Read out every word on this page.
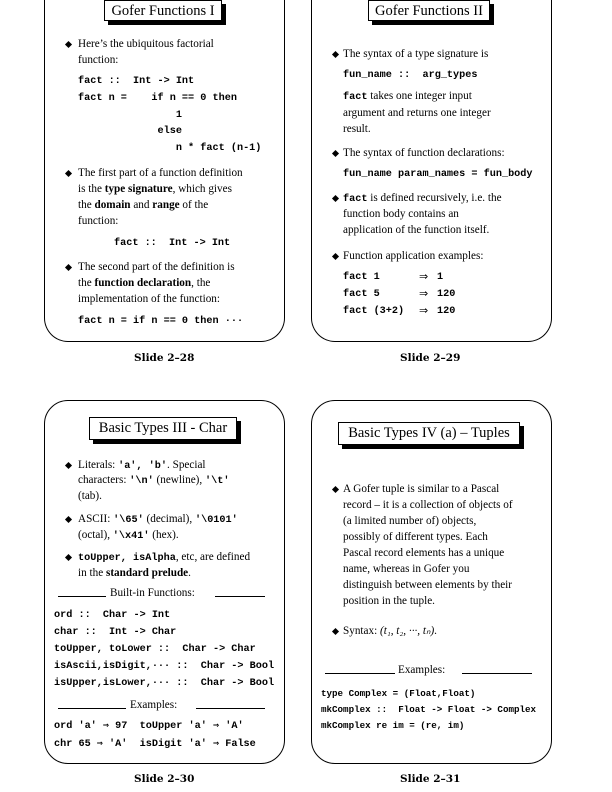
Gofer Functions I
Here’s the ubiquitous factorial
function:
fact ::  Int -> Int
fact n =    if n == 0 then
1
else
n * fact (n-1)
The first part of a function definition
is the type signature, which gives
the domain and range of the
function:
fact ::  Int -> Int
The second part of the definition is
the function declaration, the
implementation of the function:
fact n = if n == 0 then ···
Slide 2–28
Gofer Functions II
The syntax of a type signature is
fun_name ::  arg_types
fact takes one integer input
argument and returns one integer
result.
The syntax of function declarations:
fun_name param_names = fun_body
fact is defined recursively, i.e. the
function body contains an
application of the function itself.
Function application examples:
fact 1	⇒ 1
fact 5	⇒ 120
fact (3+2) ⇒ 120
Slide 2–29
Basic Types III - Char
Literals: 'a', 'b'. Special
characters: '\n' (newline), '\t'
(tab).
ASCII: '\65' (decimal), '\0101'
(octal), '\x41' (hex).
toUpper, isAlpha, etc, are defined
in the standard prelude.
Built-in Functions:
ord ::  Char -> Int
char ::  Int -> Char
toUpper, toLower ::  Char -> Char
isAscii,isDigit,··· ::  Char -> Bool
isUpper,isLower,··· ::  Char -> Bool
Examples:
ord 'a' ⇒ 97  toUpper 'a' ⇒ 'A'
chr 65 ⇒ 'A'  isDigit 'a' ⇒ False
Slide 2–30
Basic Types IV (a) – Tuples
A Gofer tuple is similar to a Pascal
record – it is a collection of objects of
(a limited number of) objects,
possibly of different types. Each
Pascal record elements has a unique
name, whereas in Gofer you
distinguish between elements by their
position in the tuple.
Syntax: (t₁, t₂, ···, tₙ).
Examples:
type Complex = (Float,Float)
mkComplex ::  Float -> Float -> Complex
mkComplex re im = (re, im)
Slide 2–31
